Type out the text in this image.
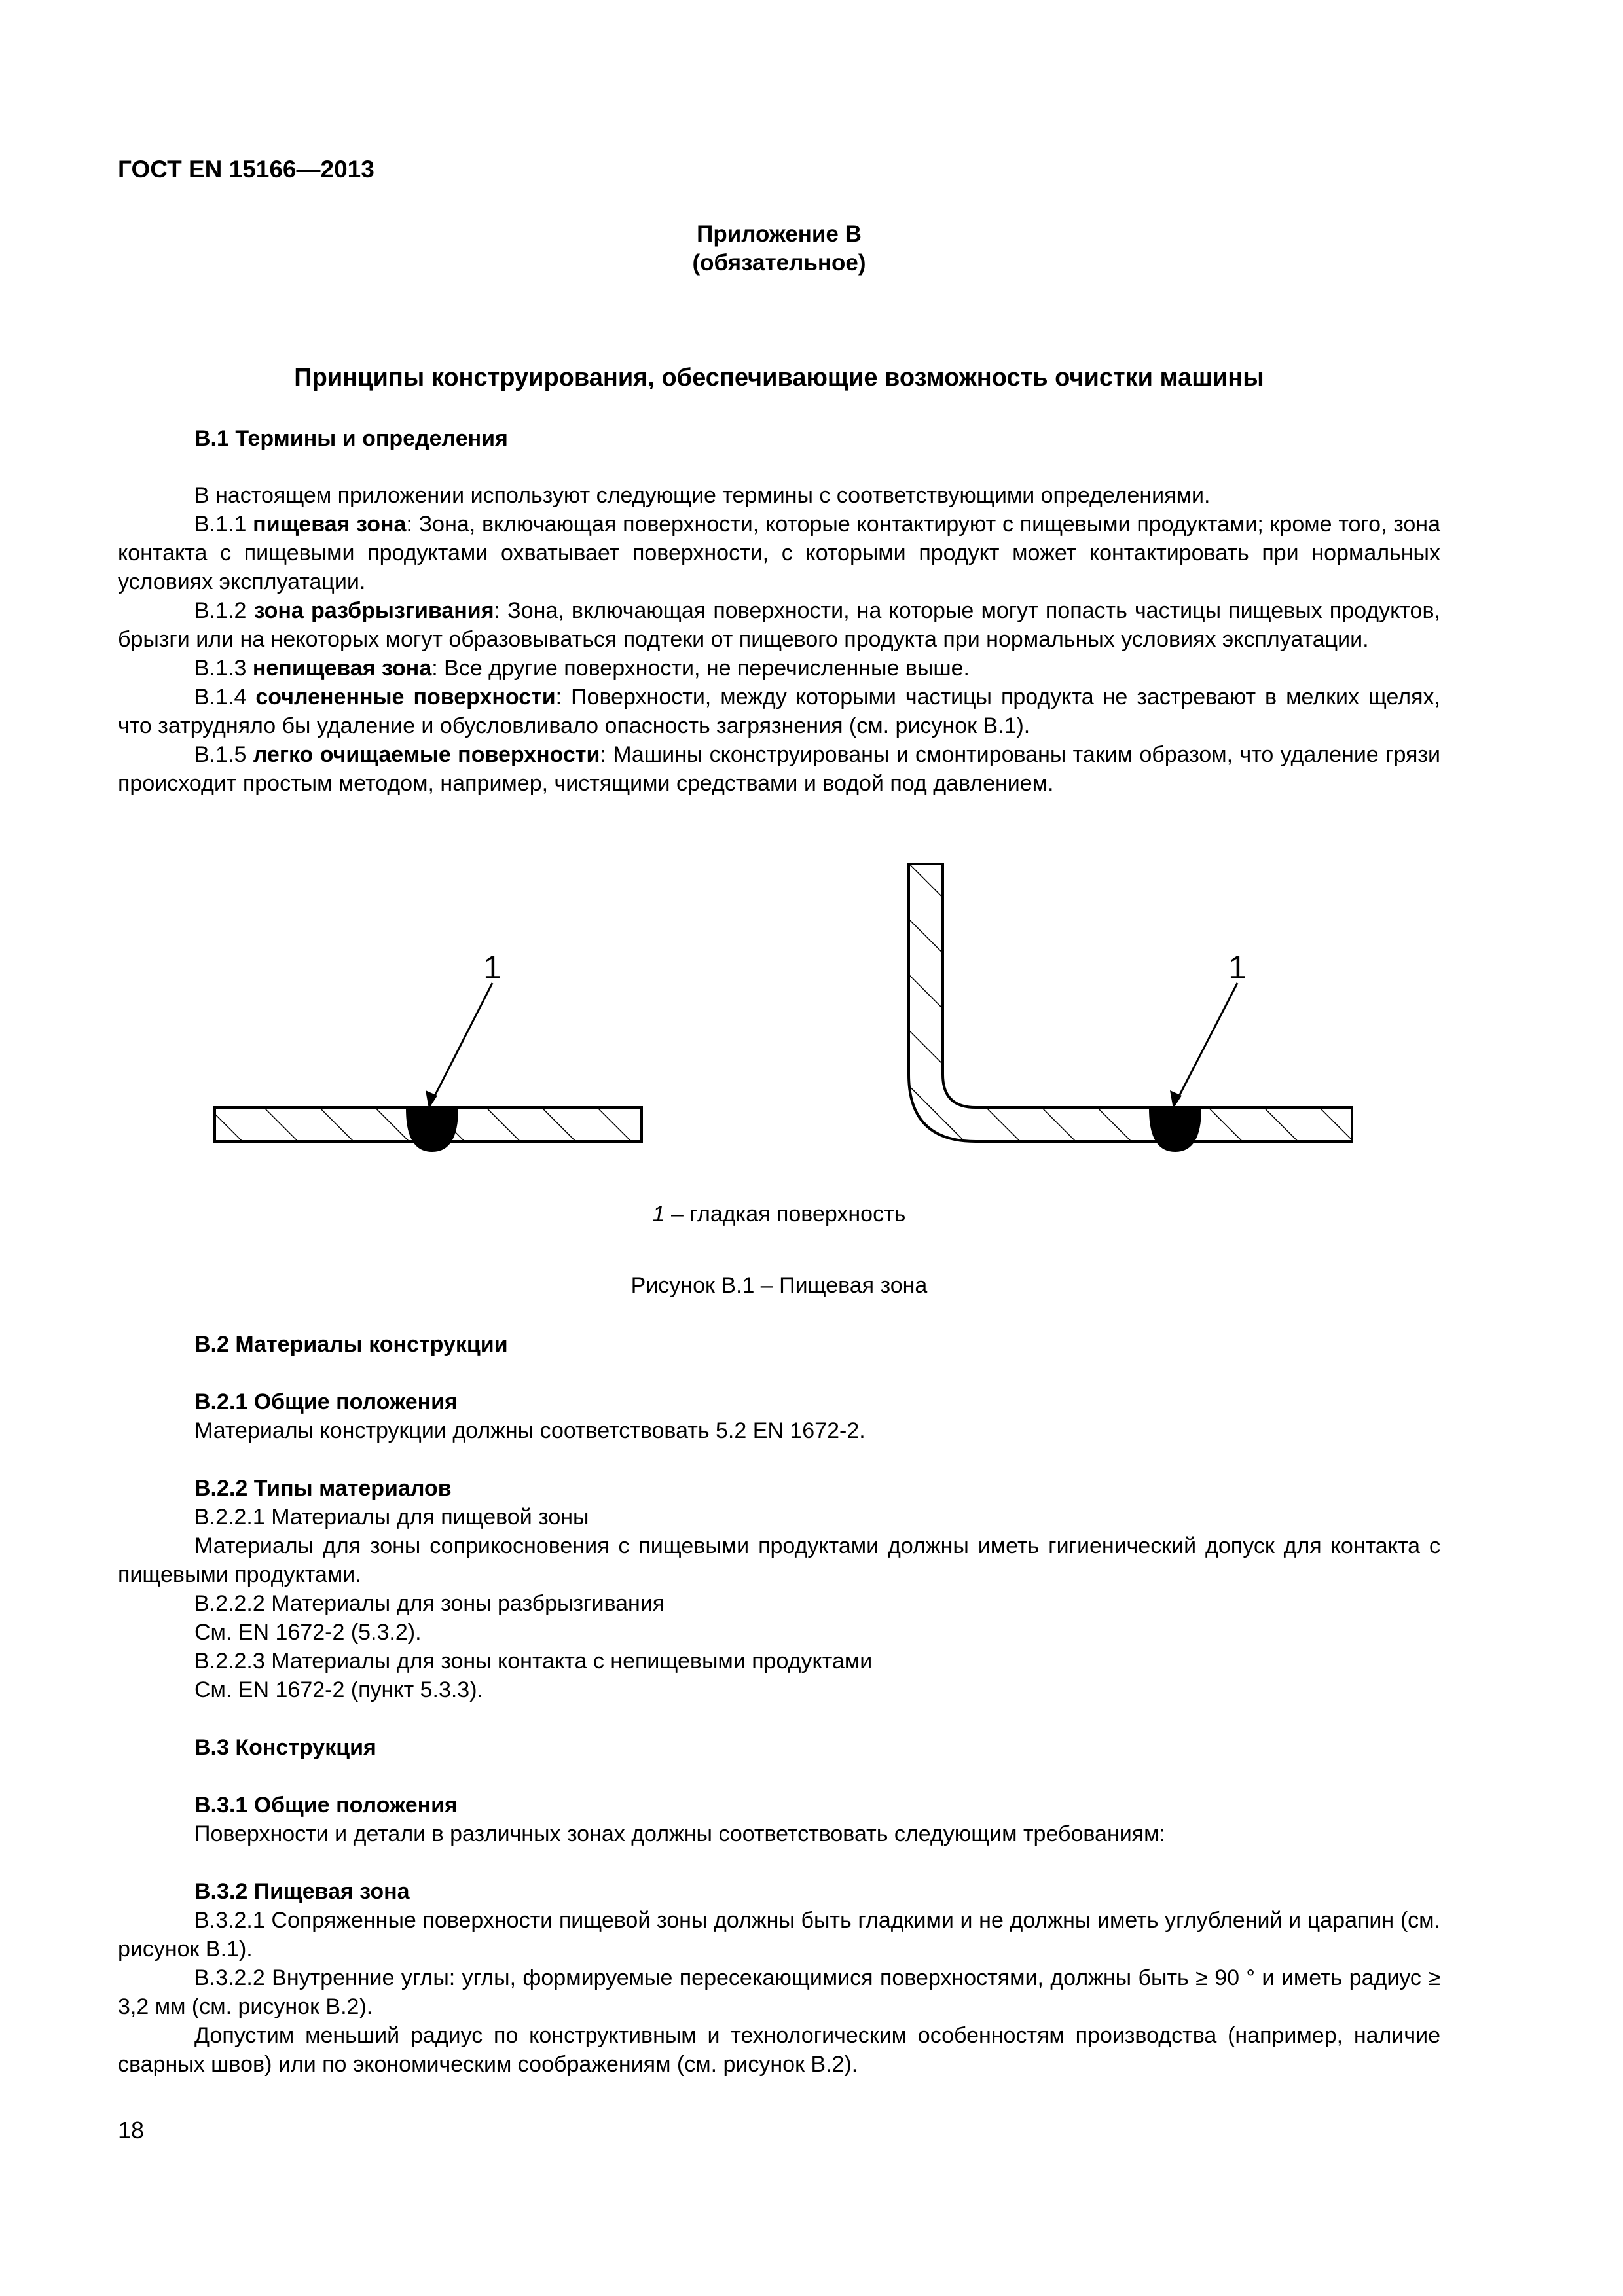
ГОСТ EN 15166—2013
Приложение В
(обязательное)
Принципы конструирования, обеспечивающие возможность очистки машины

В.1 Термины и определения

В настоящем приложении используют следующие термины с соответствующими определениями.

В.1.1 пищевая зона: Зона, включающая поверхности, которые контактируют с пищевыми продуктами; кроме того, зона контакта с пищевыми продуктами охватывает поверхности, с которыми продукт может контактировать при нормальных условиях эксплуатации.

В.1.2 зона разбрызгивания: Зона, включающая поверхности, на которые могут попасть частицы пищевых продуктов, брызги или на некоторых могут образовываться подтеки от пищевого продукта при нормальных условиях эксплуатации.

В.1.3 непищевая зона: Все другие поверхности, не перечисленные выше.

В.1.4 сочлененные поверхности: Поверхности, между которыми частицы продукта не застревают в мелких щелях, что затрудняло бы удаление и обусловливало опасность загрязнения (см. рисунок В.1).

В.1.5 легко очищаемые поверхности: Машины сконструированы и смонтированы таким образом, что удаление грязи происходит простым методом, например, чистящими средствами и водой под давлением.

1	1
1 – гладкая поверхность
Рисунок В.1 – Пищевая зона

В.2 Материалы конструкции

В.2.1 Общие положения

Материалы конструкции должны соответствовать 5.2 EN 1672-2.

В.2.2 Типы материалов

В.2.2.1 Материалы для пищевой зоны

Материалы для зоны соприкосновения с пищевыми продуктами должны иметь гигиенический допуск для контакта с пищевыми продуктами.

В.2.2.2 Материалы для зоны разбрызгивания

См. EN 1672-2 (5.3.2).

В.2.2.3 Материалы для зоны контакта с непищевыми продуктами

См. EN 1672-2 (пункт 5.3.3).

В.3 Конструкция

В.3.1 Общие положения

Поверхности и детали в различных зонах должны соответствовать следующим требованиям:

В.3.2 Пищевая зона

В.3.2.1 Сопряженные поверхности пищевой зоны должны быть гладкими и не должны иметь углублений и царапин (см. рисунок В.1).

В.3.2.2 Внутренние углы: углы, формируемые пересекающимися поверхностями, должны быть ≥ 90 ° и иметь радиус ≥ 3,2 мм (см. рисунок В.2).

Допустим меньший радиус по конструктивным и технологическим особенностям производства (например, наличие сварных швов) или по экономическим соображениям (см. рисунок В.2).

18
